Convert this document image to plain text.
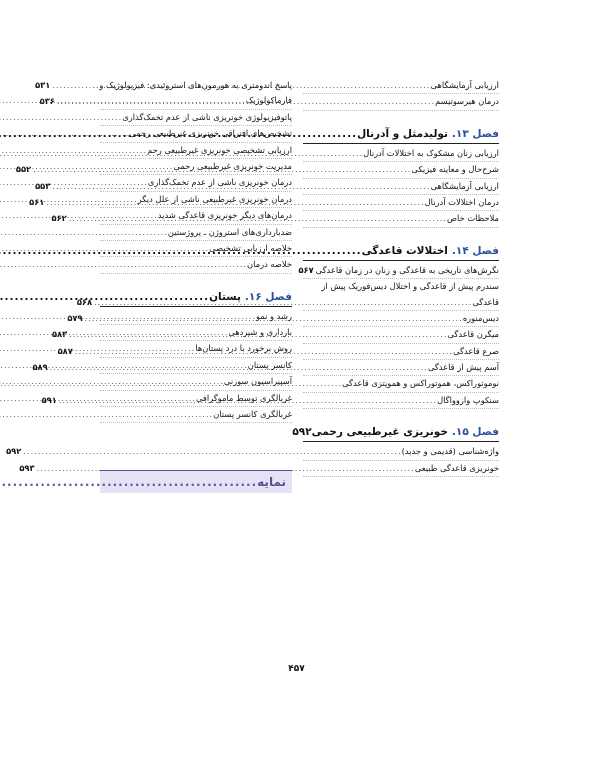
ارزیابی آزمایشگاهی
.....
۵۳۱
درمان هیرسوتیسم
.....
۵۳۶
فصل ۱۳.
تولیدمثل و آدرنال
.....
ارزیابی زنان مشکوک به اختلالات آدرنال
.....
شرح‌حال و معاینه فیزیکی
.....
۵۵۲
ارزیابی آزمایشگاهی
.....
۵۵۳
درمان اختلالات آدرنال
.....
۵۶۱
ملاحظات خاص
.....
۵۶۲
فصل ۱۴.
اختلالات قاعدگی
.....
نگرش‌های تاریخی به قاعدگی و زنان در زمان قاعدگی
۵۶۷
سندرم پیش از قاعدگی و اختلال دیس‌فوریک پیش از
قاعدگی
.....
۵۶۸
دیس‌منوره
.....
۵۷۹
میگرن قاعدگی
.....
۵۸۳
صرع قاعدگی
.....
۵۸۷
آسم پیش از قاعدگی
.....
۵۸۹
نوموتوراکس، هموتوراکس و هموپتزی قاعدگی
.....
سنکوپ وازوواگال
.....
۵۹۱
فصل ۱۵.
خونریزی غیرطبیعی رحمی
۵۹۲
واژه‌شناسی (قدیمی و جدید)
.....
۵۹۲
خونریزی قاعدگی طبیعی
.....
۵۹۳
پاسخ اندومتری به هورمون‌های استروئیدی: فیزیولوژیک و
فارماکولوژیک
.....
پاتوفیزیولوژی خونریزی ناشی از عدم تخمک‌گذاری
.....
تشخیص‌های افتراقی خونریزی غیرطبیعی رحمی
.....
ارزیابی تشخیصی خونریزی غیرطبیعی رحم
.....
مدیریت خونریزی غیرطبیعی رحمی
.....
درمان خونریزی ناشی از عدم تخمک‌گذاری
.....
درمان خونریزی غیرطبیعی ناشی از علل دیگر
.....
درمان‌های دیگر خونریزی قاعدگی شدید
.....
ضدبارداری‌های استروژن ـ پروژستین
.....
خلاصه ارزیابی تشخیصی
.....
خلاصه درمان
.....
فصل ۱۶.
پستان
.....
رشد و نمو
.....
بارداری و شیردهی
.....
روش برخورد با درد پستان‌ها
.....
کانسر پستان
.....
آسپیراسیون سوزنی
.....
غربالگری توسط ماموگرافی
.....
غربالگری کانسر پستان
.....
نمایه
.....
۴۵۷
